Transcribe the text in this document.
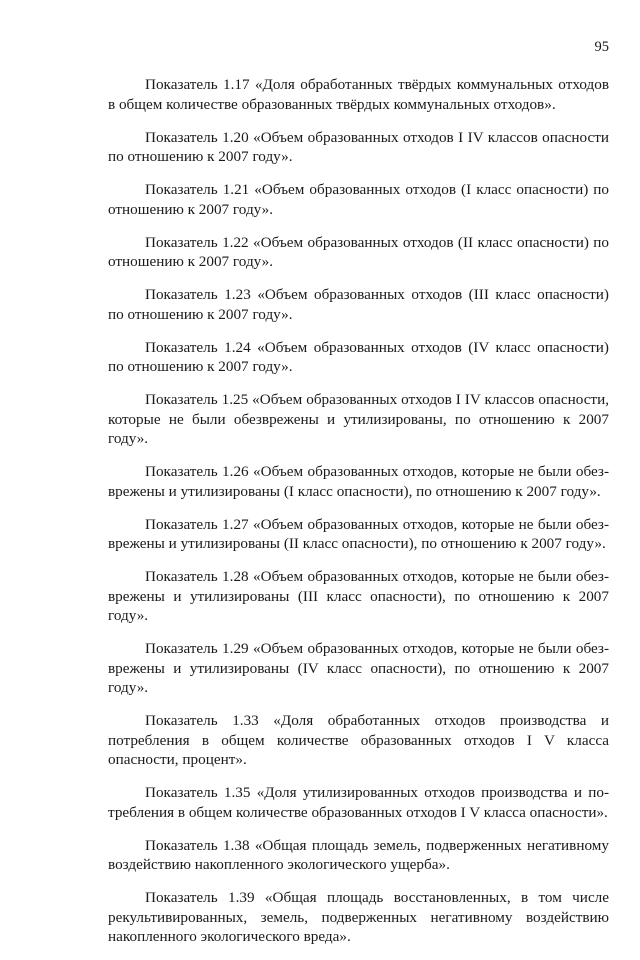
95

Показатель 1.17 «Доля обработанных твёрдых коммунальных отходов в общем количестве образованных твёрдых коммунальных отходов».

Показатель 1.20 «Объем образованных отходов I IV классов опасности по отношению к 2007 году».

Показатель 1.21 «Объем образованных отходов (I класс опасности) по отношению к 2007 году».

Показатель 1.22 «Объем образованных отходов (II класс опасности) по отношению к 2007 году».

Показатель 1.23 «Объем образованных отходов (III класс опасности) по отношению к 2007 году».

Показатель 1.24 «Объем образованных отходов (IV класс опасности) по отношению к 2007 году».

Показатель 1.25 «Объем образованных отходов I IV классов опасности, которые не были обезврежены и утилизированы, по отношению к 2007 году».

Показатель 1.26 «Объем образованных отходов, которые не были обезврежены и утилизированы (I класс опасности), по отношению к 2007 году».

Показатель 1.27 «Объем образованных отходов, которые не были обезврежены и утилизированы (II класс опасности), по отношению к 2007 году».

Показатель 1.28 «Объем образованных отходов, которые не были обезврежены и утилизированы (III класс опасности), по отношению к 2007 году».

Показатель 1.29 «Объем образованных отходов, которые не были обезврежены и утилизированы (IV класс опасности), по отношению к 2007 году».

Показатель 1.33 «Доля обработанных отходов производства и потребления в общем количестве образованных отходов I V класса опасности, процент».

Показатель 1.35 «Доля утилизированных отходов производства и потребления в общем количестве образованных отходов I V класса опасности».

Показатель 1.38 «Общая площадь земель, подверженных негативному воздействию накопленного экологического ущерба».

Показатель 1.39 «Общая площадь восстановленных, в том числе рекультивированных, земель, подверженных негативному воздействию накопленного экологического вреда».
